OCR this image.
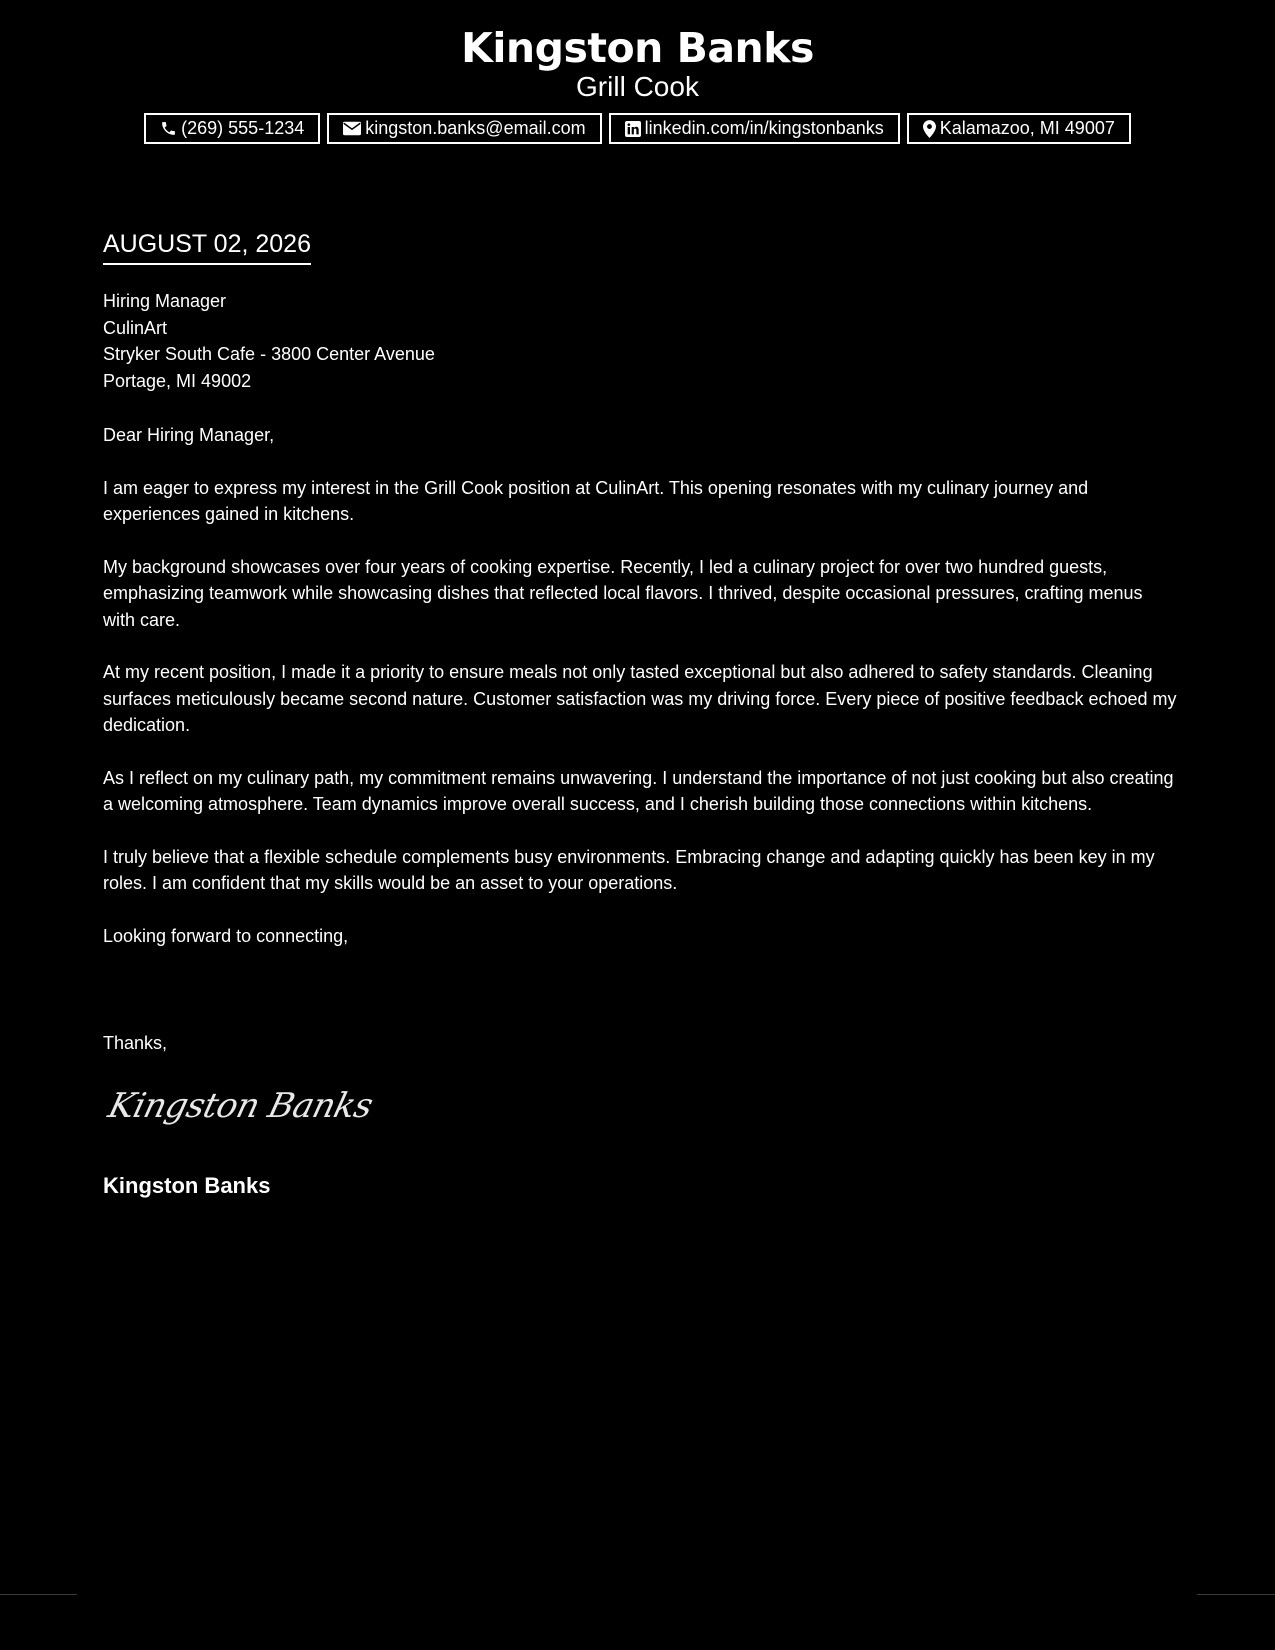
Kingston Banks
Grill Cook
(269) 555-1234	kingston.banks@email.com	linkedin.com/in/kingstonbanks	Kalamazoo, MI 49007
AUGUST 02, 2026
Hiring Manager
CulinArt
Stryker South Cafe - 3800 Center Avenue
Portage, MI 49002

Dear Hiring Manager,

I am eager to express my interest in the Grill Cook position at CulinArt. This opening resonates with my culinary journey and experiences gained in kitchens.

My background showcases over four years of cooking expertise. Recently, I led a culinary project for over two hundred guests, emphasizing teamwork while showcasing dishes that reflected local flavors. I thrived, despite occasional pressures, crafting menus with care.

At my recent position, I made it a priority to ensure meals not only tasted exceptional but also adhered to safety standards. Cleaning surfaces meticulously became second nature. Customer satisfaction was my driving force. Every piece of positive feedback echoed my dedication.

As I reflect on my culinary path, my commitment remains unwavering. I understand the importance of not just cooking but also creating a welcoming atmosphere. Team dynamics improve overall success, and I cherish building those connections within kitchens.

I truly believe that a flexible schedule complements busy environments. Embracing change and adapting quickly has been key in my roles. I am confident that my skills would be an asset to your operations.

Looking forward to connecting,

Thanks,
Kingston Banks
Kingston Banks
